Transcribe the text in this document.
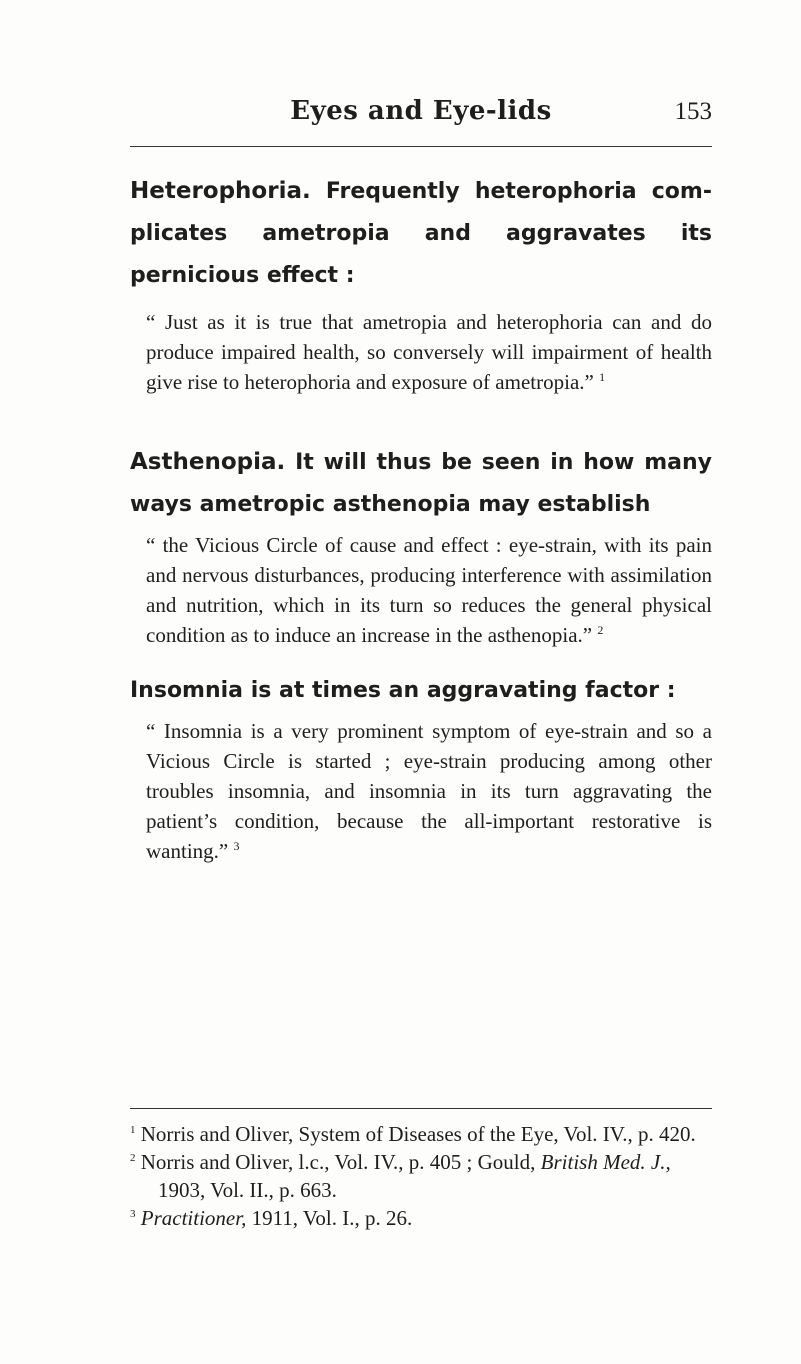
Eyes and Eye-lids	153

Heterophoria. Frequently heterophoria complicates ametropia and aggravates its pernicious effect :

“ Just as it is true that ametropia and heterophoria can and do produce impaired health, so conversely will impairment of health give rise to heterophoria and exposure of ametropia.” $^1$

Asthenopia. It will thus be seen in how many ways ametropic asthenopia may establish

“ the Vicious Circle of cause and effect : eye-strain, with its pain and nervous disturbances, producing interference with assimilation and nutrition, which in its turn so reduces the general physical condition as to induce an increase in the asthenopia.” $^2$

Insomnia is at times an aggravating factor :

“ Insomnia is a very prominent symptom of eye-strain and so a Vicious Circle is started ; eye-strain producing among other troubles insomnia, and insomnia in its turn aggravating the patient’s condition, because the all-important restorative is wanting.” $^3$

$^1$ Norris and Oliver, System of Diseases of the Eye, Vol. IV., p. 420.

$^2$ Norris and Oliver, l.c., Vol. IV., p. 405 ; Gould, British Med. J., 1903, Vol. II., p. 663.

$^3$ Practitioner, 1911, Vol. I., p. 26.
